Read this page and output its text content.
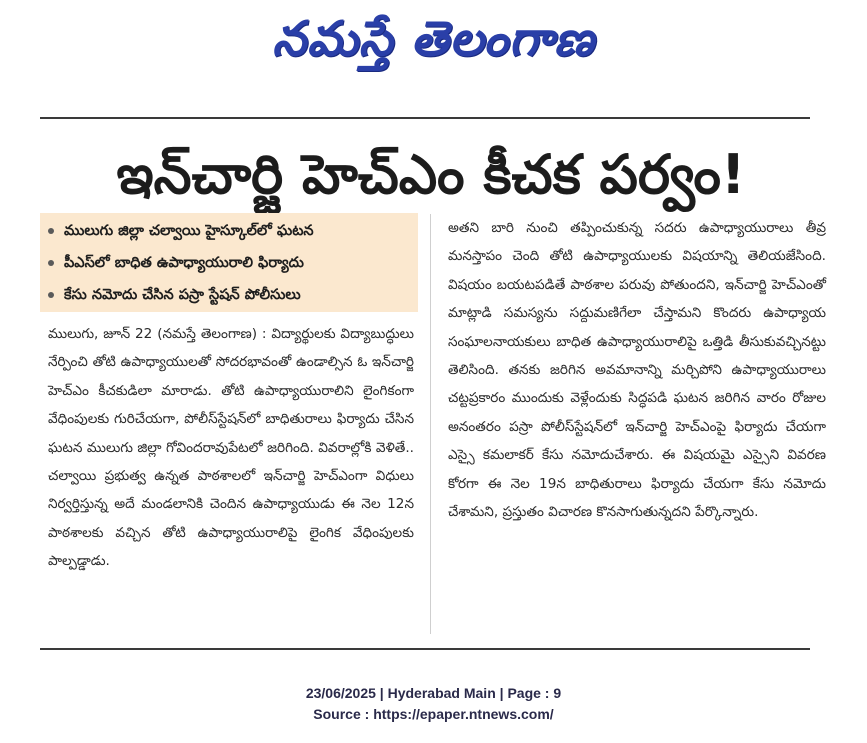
నమస్తే తెలంగాణ
ఇన్‌చార్జి హెచ్‌ఎం కీచక పర్వం!
ములుగు జిల్లా చల్వాయి హైస్కూల్‌లో ఘటన
పీఎస్‌లో బాధిత ఉపాధ్యాయురాలి ఫిర్యాదు
కేసు నమోదు చేసిన పస్రా స్టేషన్ పోలీసులు
ములుగు, జూన్ 22 (నమస్తే తెలంగాణ) : విద్యార్థులకు విద్యాబుద్ధులు నేర్పించి తోటి ఉపాధ్యాయులతో సోదరభావంతో ఉండాల్సిన ఓ ఇన్‌చార్జి హెచ్‌ఎం కీచకుడిలా మారాడు. తోటి ఉపాధ్యాయురాలిని లైంగికంగా వేధింపులకు గురిచేయగా, పోలీస్‌స్టేషన్‌లో బాధితురాలు ఫిర్యాదు చేసిన ఘటన ములుగు జిల్లా గోవిందరావుపేటలో జరిగింది. వివరాల్లోకి వెళితే.. చల్వాయి ప్రభుత్వ ఉన్నత పాఠశాలలో ఇన్‌చార్జి హెచ్‌ఎంగా విధులు నిర్వర్తిస్తున్న అదే మండలానికి చెందిన ఉపాధ్యాయుడు ఈ నెల 12న పాఠశాలకు వచ్చిన తోటి ఉపాధ్యాయురాలిపై లైంగిక వేధింపులకు పాల్పడ్డాడు.
అతని బారి నుంచి తప్పించుకున్న సదరు ఉపాధ్యాయురాలు తీవ్ర మనస్తాపం చెంది తోటి ఉపాధ్యాయులకు విషయాన్ని తెలియజేసింది. విషయం బయటపడితే పాఠశాల పరువు పోతుందని, ఇన్‌చార్జి హెచ్‌ఎంతో మాట్లాడి సమస్యను సద్దుమణిగేలా చేస్తామని కొందరు ఉపాధ్యాయ సంఘాలనాయకులు బాధిత ఉపాధ్యాయురాలిపై ఒత్తిడి తీసుకువచ్చినట్టు తెలిసింది. తనకు జరిగిన అవమానాన్ని మర్చిపోని ఉపాధ్యాయురాలు చట్టప్రకారం ముందుకు వెళ్లేందుకు సిద్ధపడి ఘటన జరిగిన వారం రోజుల అనంతరం పస్రా పోలీస్‌స్టేషన్‌లో ఇన్‌చార్జి హెచ్‌ఎంపై ఫిర్యాదు చేయగా ఎస్సై కమలాకర్ కేసు నమోదుచేశారు. ఈ విషయమై ఎస్సైని వివరణ కోరగా ఈ నెల 19న బాధితురాలు ఫిర్యాదు చేయగా కేసు నమోదు చేశామని, ప్రస్తుతం విచారణ కొనసాగుతున్నదని పేర్కొన్నారు.
23/06/2025 | Hyderabad Main | Page : 9
Source : https://epaper.ntnews.com/
